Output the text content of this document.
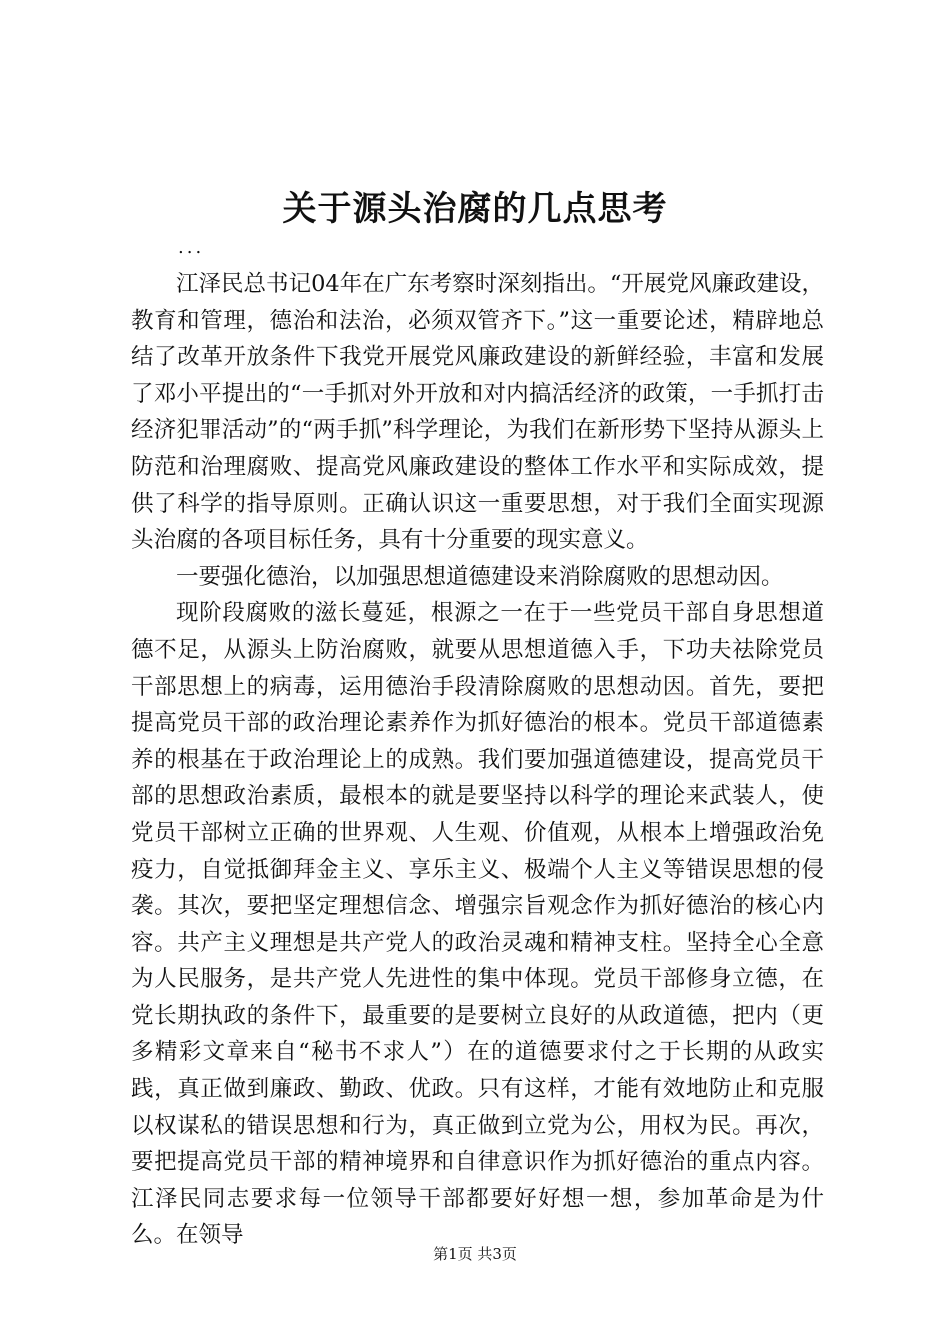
关于源头治腐的几点思考
...

江泽民总书记04年在广东考察时深刻指出。“开展党风廉政建设，教育和管理，德治和法治，必须双管齐下。”这一重要论述，精辟地总结了改革开放条件下我党开展党风廉政建设的新鲜经验，丰富和发展了邓小平提出的“一手抓对外开放和对内搞活经济的政策，一手抓打击经济犯罪活动”的“两手抓”科学理论，为我们在新形势下坚持从源头上防范和治理腐败、提高党风廉政建设的整体工作水平和实际成效，提供了科学的指导原则。正确认识这一重要思想，对于我们全面实现源头治腐的各项目标任务，具有十分重要的现实意义。

一要强化德治，以加强思想道德建设来消除腐败的思想动因。

现阶段腐败的滋长蔓延，根源之一在于一些党员干部自身思想道德不足，从源头上防治腐败，就要从思想道德入手，下功夫祛除党员干部思想上的病毒，运用德治手段清除腐败的思想动因。首先，要把提高党员干部的政治理论素养作为抓好德治的根本。党员干部道德素养的根基在于政治理论上的成熟。我们要加强道德建设，提高党员干部的思想政治素质，最根本的就是要坚持以科学的理论来武装人，使党员干部树立正确的世界观、人生观、价值观，从根本上增强政治免疫力，自觉抵御拜金主义、享乐主义、极端个人主义等错误思想的侵袭。其次，要把坚定理想信念、增强宗旨观念作为抓好德治的核心内容。共产主义理想是共产党人的政治灵魂和精神支柱。坚持全心全意为人民服务，是共产党人先进性的集中体现。党员干部修身立德，在党长期执政的条件下，最重要的是要树立良好的从政道德，把内（更多精彩文章来自“秘书不求人”）在的道德要求付之于长期的从政实践，真正做到廉政、勤政、优政。只有这样，才能有效地防止和克服以权谋私的错误思想和行为，真正做到立党为公，用权为民。再次，要把提高党员干部的精神境界和自律意识作为抓好德治的重点内容。江泽民同志要求每一位领导干部都要好好想一想，参加革命是为什么。在领导

第1页 共3页
